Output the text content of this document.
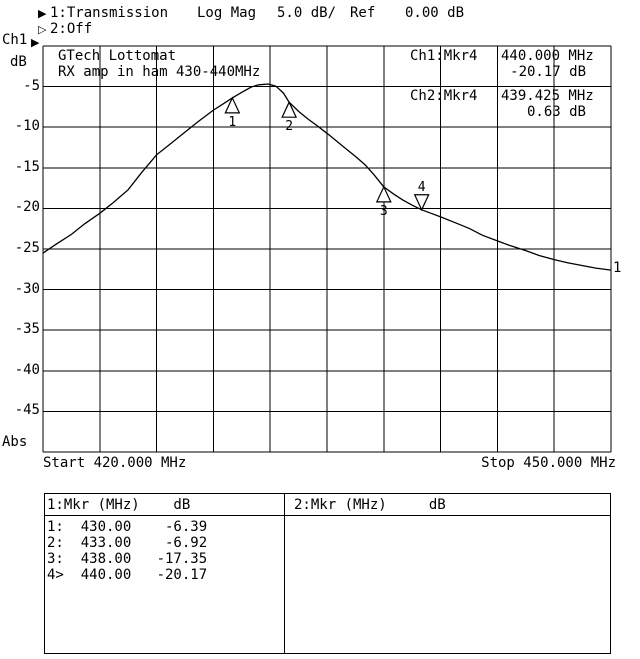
▶ 1:Transmission Log Mag 5.0 dB/ Ref 0.00 dB
▷ 2:Off
Ch1 ▶
dB
-5
-10
-15
-20
-25
-30
-35
-40
-45
Abs
1	2
3
4
1
GTech Lottomat
RX amp in ham 430-440MHz
Ch1:Mkr4 440.000 MHz
-20.17 dB
Ch2:Mkr4 439.425 MHz
0.63 dB
Start 420.000 MHz	Stop 450.000 MHz
1:Mkr (MHz)    dB	2:Mkr (MHz)     dB
1:  430.00    -6.39
2:  433.00    -6.92
3:  438.00   -17.35
4>  440.00   -20.17
